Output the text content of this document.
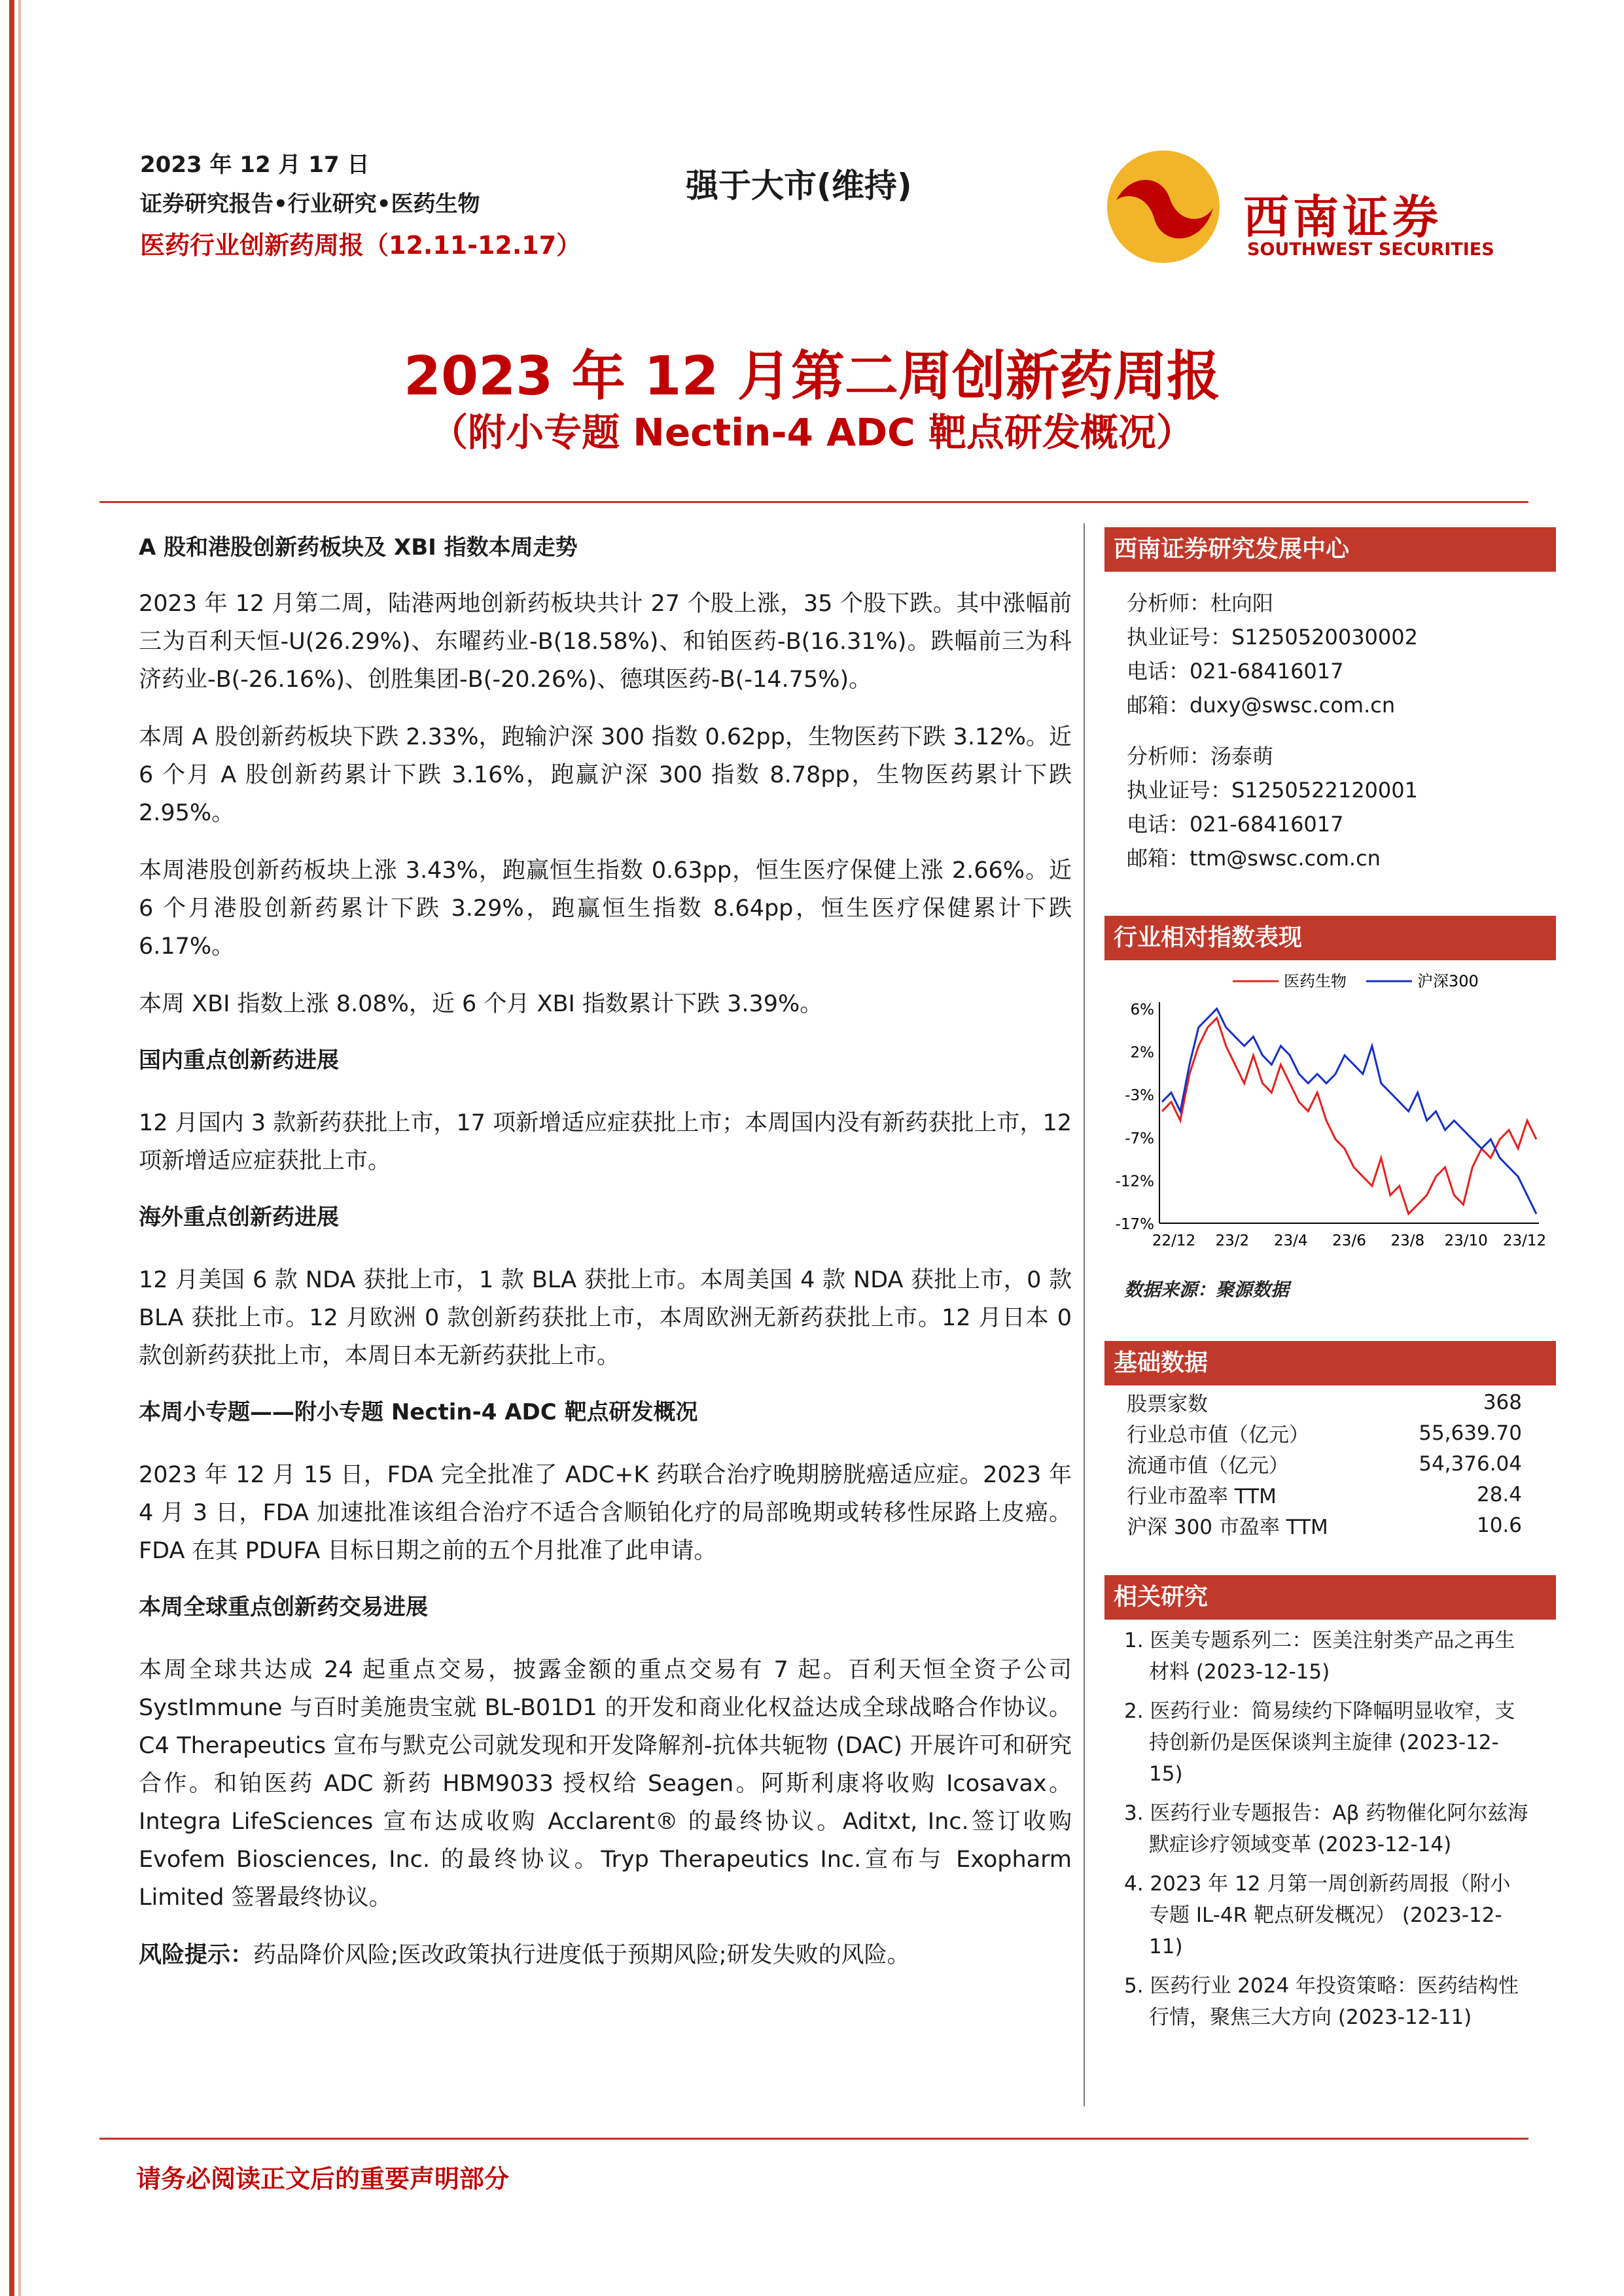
2023 年 12 月 17 日
证券研究报告•行业研究•医药生物
医药行业创新药周报（12.11-12.17）
强于大市(维持)
西南证券
SOUTHWEST SECURITIES
2023 年 12 月第二周创新药周报
（附小专题 Nectin-4 ADC 靶点研发概况）

A 股和港股创新药板块及 XBI 指数本周走势

2023 年 12 月第二周，陆港两地创新药板块共计 27 个股上涨，35 个股下跌。其中涨幅前三为百利天恒-U(26.29%)、东曜药业-B(18.58%)、和铂医药-B(16.31%)。跌幅前三为科济药业-B(-26.16%)、创胜集团-B(-20.26%)、德琪医药-B(-14.75%)。

本周 A 股创新药板块下跌 2.33%，跑输沪深 300 指数 0.62pp，生物医药下跌 3.12%。近 6 个月 A 股创新药累计下跌 3.16%，跑赢沪深 300 指数 8.78pp，生物医药累计下跌 2.95%。

本周港股创新药板块上涨 3.43%，跑赢恒生指数 0.63pp，恒生医疗保健上涨 2.66%。近 6 个月港股创新药累计下跌 3.29%，跑赢恒生指数 8.64pp，恒生医疗保健累计下跌 6.17%。

本周 XBI 指数上涨 8.08%，近 6 个月 XBI 指数累计下跌 3.39%。

国内重点创新药进展

12 月国内 3 款新药获批上市，17 项新增适应症获批上市；本周国内没有新药获批上市，12 项新增适应症获批上市。

海外重点创新药进展

12 月美国 6 款 NDA 获批上市，1 款 BLA 获批上市。本周美国 4 款 NDA 获批上市，0 款 BLA 获批上市。12 月欧洲 0 款创新药获批上市，本周欧洲无新药获批上市。12 月日本 0 款创新药获批上市，本周日本无新药获批上市。

本周小专题——附小专题 Nectin-4 ADC 靶点研发概况

2023 年 12 月 15 日，FDA 完全批准了 ADC+K 药联合治疗晚期膀胱癌适应症。2023 年 4 月 3 日，FDA 加速批准该组合治疗不适合含顺铂化疗的局部晚期或转移性尿路上皮癌。FDA 在其 PDUFA 目标日期之前的五个月批准了此申请。

本周全球重点创新药交易进展

本周全球共达成 24 起重点交易，披露金额的重点交易有 7 起。百利天恒全资子公司 SystImmune 与百时美施贵宝就 BL-B01D1 的开发和商业化权益达成全球战略合作协议。C4 Therapeutics 宣布与默克公司就发现和开发降解剂-抗体共轭物 (DAC) 开展许可和研究合作。和铂医药 ADC 新药 HBM9033 授权给 Seagen。阿斯利康将收购 Icosavax。Integra LifeSciences 宣布达成收购 Acclarent® 的最终协议。Aditxt, Inc.签订收购 Evofem Biosciences, Inc. 的最终协议。Tryp Therapeutics Inc.宣布与 Exopharm Limited 签署最终协议。

风险提示：药品降价风险;医改政策执行进度低于预期风险;研发失败的风险。

西南证券研究发展中心
分析师：杜向阳
执业证号：S1250520030002
电话：021-68416017
邮箱：duxy@swsc.com.cn
分析师：汤泰萌
执业证号：S1250522120001
电话：021-68416017
邮箱：ttm@swsc.com.cn
行业相对指数表现
6%
2%
-3%
-7%
-12%
-17%
22/12 23/2 23/4 23/6 23/8 23/10 23/12
医药生物	沪深300
数据来源：聚源数据
基础数据
股票家数	368
行业总市值（亿元）	55,639.70
流通市值（亿元）	54,376.04
行业市盈率 TTM	28.4
沪深 300 市盈率 TTM	10.6
相关研究
1. 医美专题系列二：医美注射类产品之再生材料 (2023-12-15)
2. 医药行业：简易续约下降幅明显收窄，支持创新仍是医保谈判主旋律 (2023-12-15)
3. 医药行业专题报告：Aβ 药物催化阿尔兹海默症诊疗领域变革 (2023-12-14)
4. 2023 年 12 月第一周创新药周报（附小专题 IL-4R 靶点研发概况） (2023-12-11)
5. 医药行业 2024 年投资策略：医药结构性行情，聚焦三大方向 (2023-12-11)
请务必阅读正文后的重要声明部分
